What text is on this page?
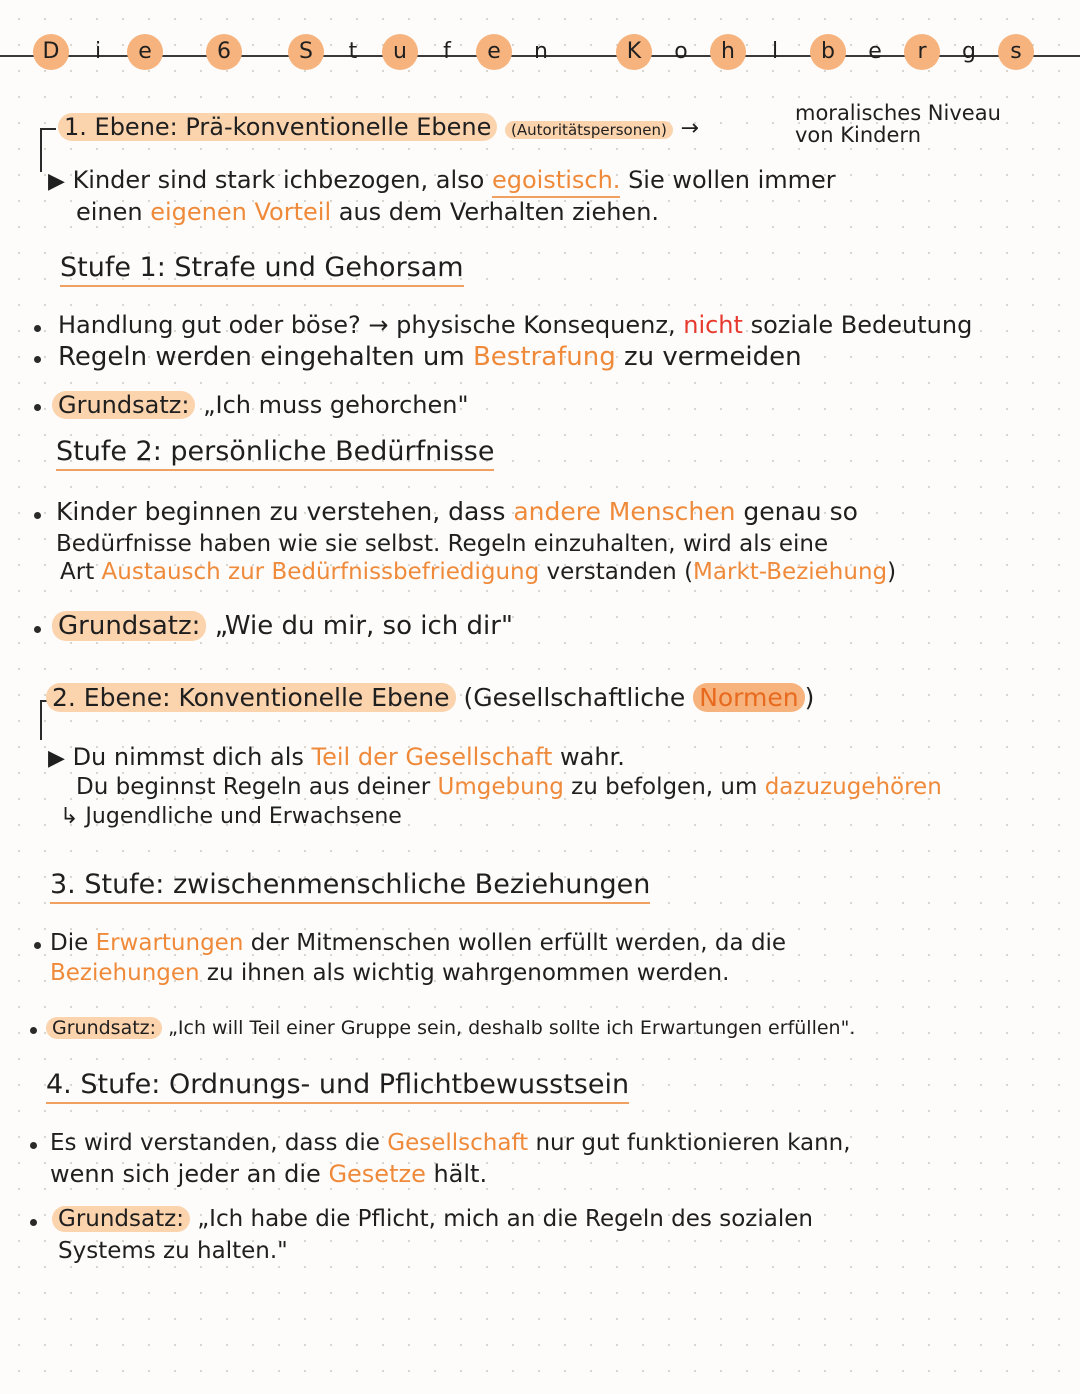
D	i	e	6	S	t	u	f	e	n	K	o	h	l	b	e	r	g	s
1. Ebene: Prä-konventionelle Ebene (Autoritätspersonen) →
moralisches Niveau
von Kindern
▶ Kinder sind stark ichbezogen, also egoistisch. Sie wollen immer
einen eigenen Vorteil aus dem Verhalten ziehen.
Stufe 1: Strafe und Gehorsam
Handlung gut oder böse? → physische Konsequenz, nicht soziale Bedeutung
Regeln werden eingehalten um Bestrafung zu vermeiden
Grundsatz: „Ich muss gehorchen"
Stufe 2: persönliche Bedürfnisse
Kinder beginnen zu verstehen, dass andere Menschen genau so
Bedürfnisse haben wie sie selbst. Regeln einzuhalten, wird als eine
Art Austausch zur Bedürfnissbefriedigung verstanden (Markt-Beziehung)
Grundsatz: „Wie du mir, so ich dir"
2. Ebene: Konventionelle Ebene (Gesellschaftliche Normen )
▶ Du nimmst dich als Teil der Gesellschaft wahr.
Du beginnst Regeln aus deiner Umgebung zu befolgen, um dazuzugehören
↳ Jugendliche und Erwachsene
3. Stufe: zwischenmenschliche Beziehungen
Die Erwartungen der Mitmenschen wollen erfüllt werden, da die
Beziehungen zu ihnen als wichtig wahrgenommen werden.
Grundsatz: „Ich will Teil einer Gruppe sein, deshalb sollte ich Erwartungen erfüllen".
4. Stufe: Ordnungs- und Pflichtbewusstsein
Es wird verstanden, dass die Gesellschaft nur gut funktionieren kann,
wenn sich jeder an die Gesetze hält.
Grundsatz: „Ich habe die Pflicht, mich an die Regeln des sozialen
Systems zu halten."
